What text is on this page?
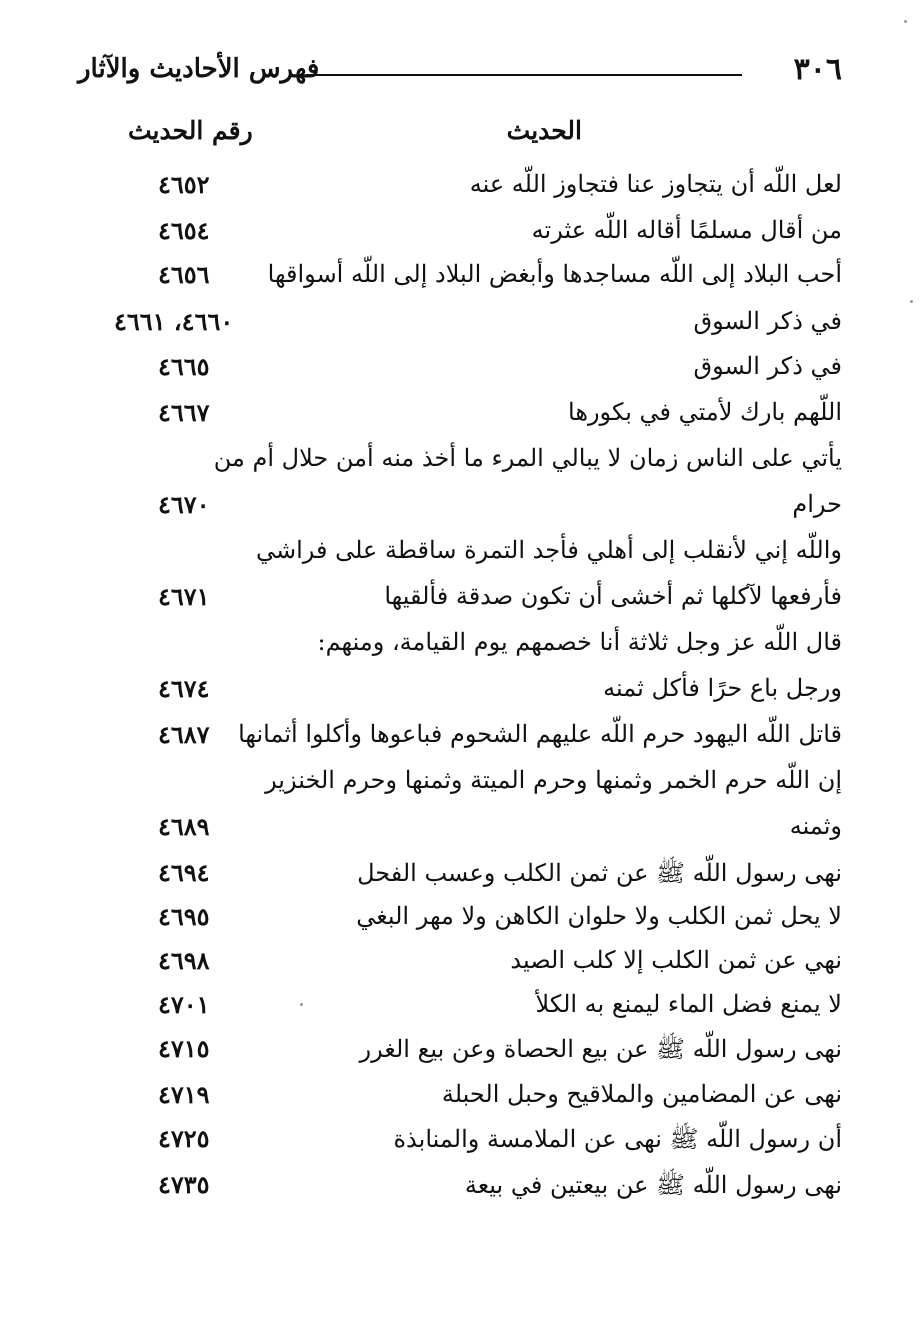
٣٠٦
فهرس الأحاديث والآثار
الحديث
رقم الحديث
لعل اللّه أن يتجاوز عنا فتجاوز اللّه عنه
٤٦٥٢
من أقال مسلمًا أقاله اللّه عثرته
٤٦٥٤
أحب البلاد إلى اللّه مساجدها وأبغض البلاد إلى اللّه أسواقها
٤٦٥٦
في ذكر السوق
٤٦٦٠، ٤٦٦١
في ذكر السوق
٤٦٦٥
اللّهم بارك لأمتي في بكورها
٤٦٦٧
يأتي على الناس زمان لا يبالي المرء ما أخذ منه أمن حلال أم من
حرام
٤٦٧٠
واللّه إني لأنقلب إلى أهلي فأجد التمرة ساقطة على فراشي
فأرفعها لآكلها ثم أخشى أن تكون صدقة فألقيها
٤٦٧١
قال اللّه عز وجل ثلاثة أنا خصمهم يوم القيامة، ومنهم:
ورجل باع حرًا فأكل ثمنه
٤٦٧٤
قاتل اللّه اليهود حرم اللّه عليهم الشحوم فباعوها وأكلوا أثمانها
٤٦٨٧
إن اللّه حرم الخمر وثمنها وحرم الميتة وثمنها وحرم الخنزير
وثمنه
٤٦٨٩
نهى رسول اللّه ﷺ عن ثمن الكلب وعسب الفحل
٤٦٩٤
لا يحل ثمن الكلب ولا حلوان الكاهن ولا مهر البغي
٤٦٩٥
نهي عن ثمن الكلب إلا كلب الصيد
٤٦٩٨
لا يمنع فضل الماء ليمنع به الكلأ
٤٧٠١
نهى رسول اللّه ﷺ عن بيع الحصاة وعن بيع الغرر
٤٧١٥
نهى عن المضامين والملاقيح وحبل الحبلة
٤٧١٩
أن رسول اللّه ﷺ نهى عن الملامسة والمنابذة
٤٧٢٥
نهى رسول اللّه ﷺ عن بيعتين في بيعة
٤٧٣٥
